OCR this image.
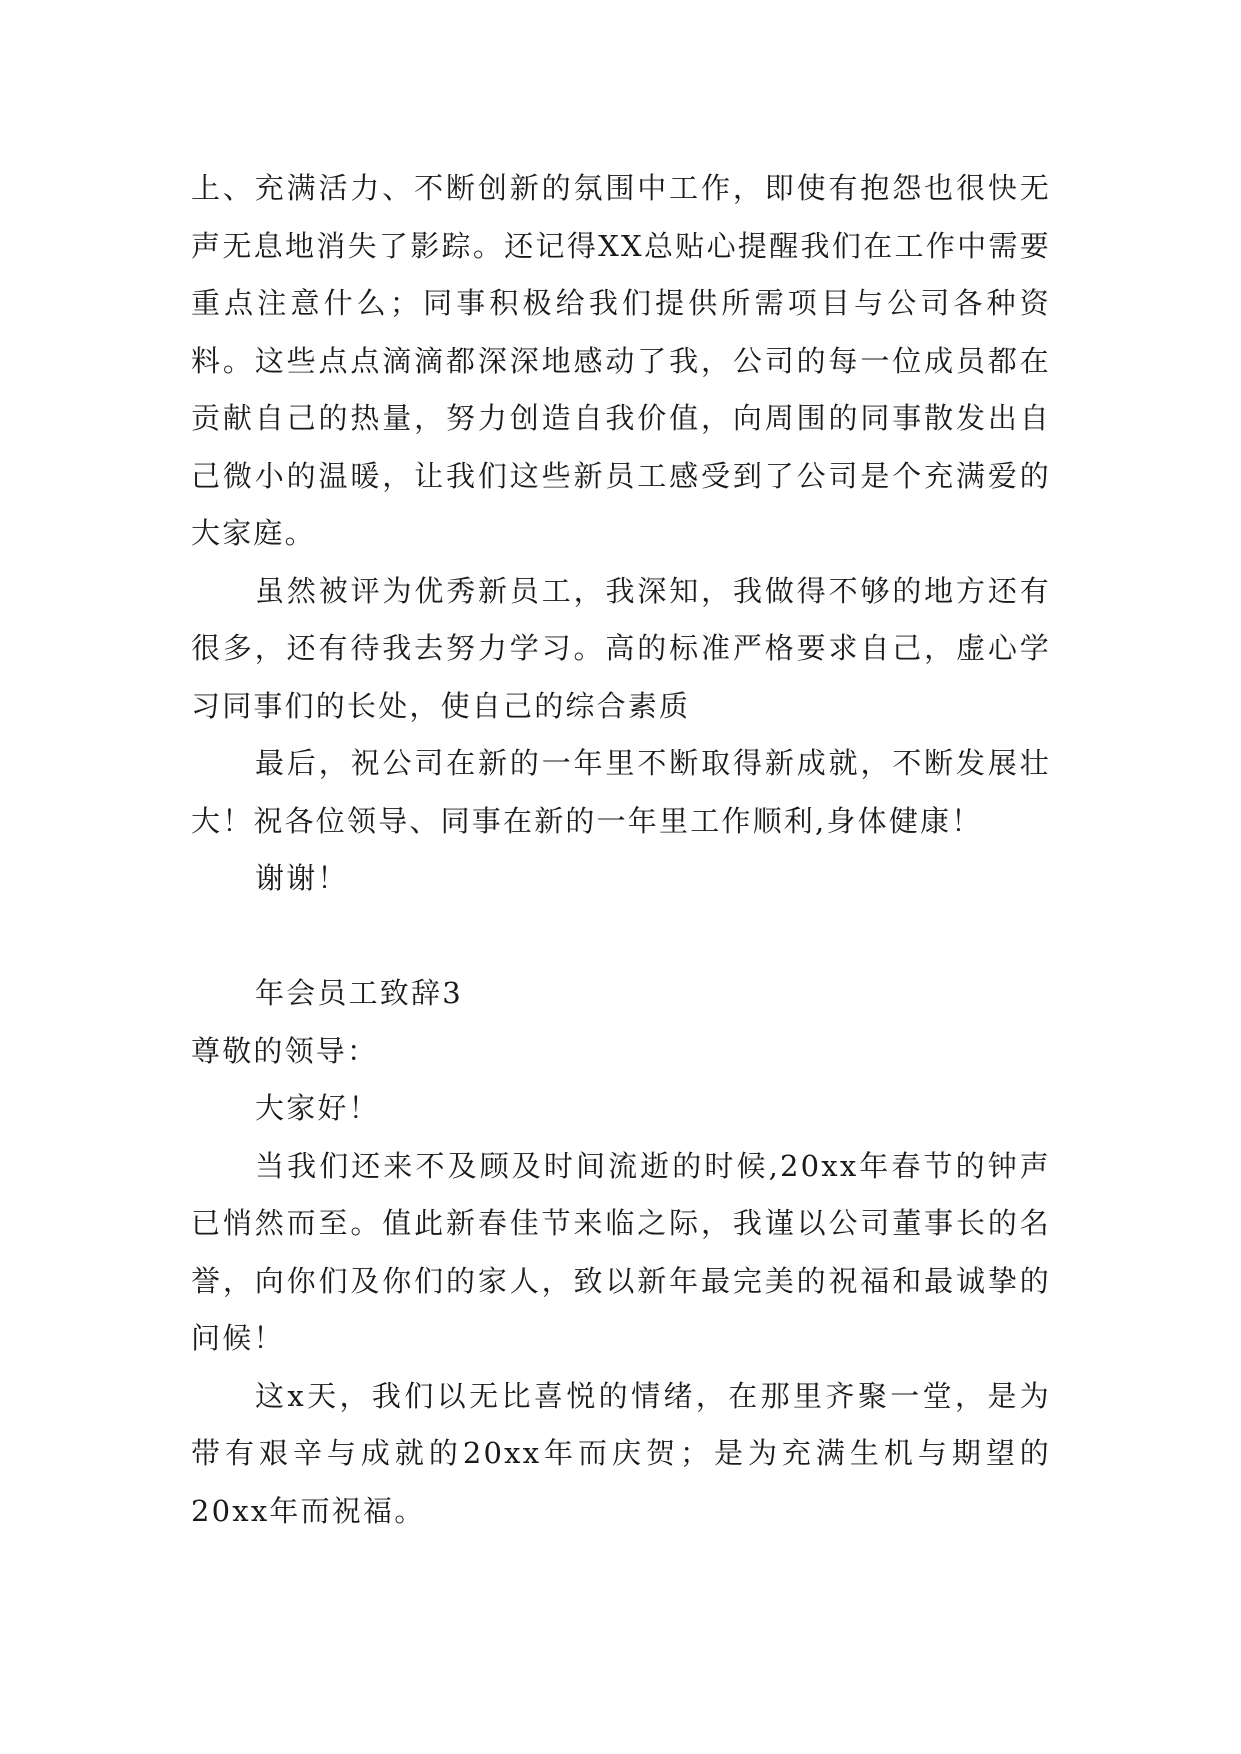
上、充满活力、不断创新的氛围中工作，即使有抱怨也很快无声无息地消失了影踪。还记得XX总贴心提醒我们在工作中需要重点注意什么；同事积极给我们提供所需项目与公司各种资料。这些点点滴滴都深深地感动了我，公司的每一位成员都在贡献自己的热量，努力创造自我价值，向周围的同事散发出自己微小的温暖，让我们这些新员工感受到了公司是个充满爱的大家庭。

虽然被评为优秀新员工，我深知，我做得不够的地方还有很多，还有待我去努力学习。高的标准严格要求自己，虚心学习同事们的长处，使自己的综合素质

最后，祝公司在新的一年里不断取得新成就，不断发展壮大！祝各位领导、同事在新的一年里工作顺利,身体健康！

谢谢！

年会员工致辞3

尊敬的领导：

大家好！

当我们还来不及顾及时间流逝的时候,20xx年春节的钟声已悄然而至。值此新春佳节来临之际，我谨以公司董事长的名誉，向你们及你们的家人，致以新年最完美的祝福和最诚挚的问候！

这x天，我们以无比喜悦的情绪，在那里齐聚一堂，是为带有艰辛与成就的20xx年而庆贺；是为充满生机与期望的20xx年而祝福。
